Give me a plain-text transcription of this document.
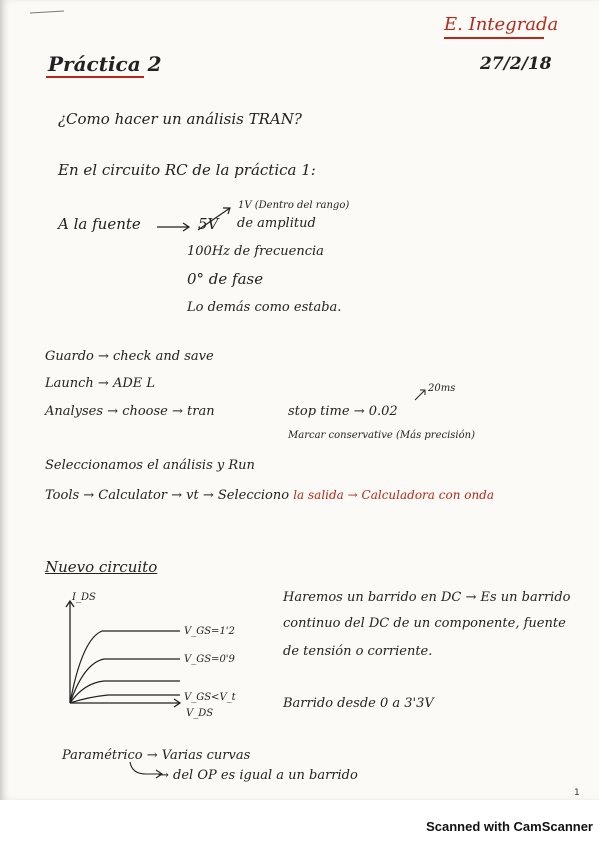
E. Integrada
Práctica 2	27/2/18
¿Como hacer un análisis TRAN?
En el circuito RC de la práctica 1:
A la fuente	5V
1V (Dentro del rango)
de amplitud
100Hz de frecuencia
0° de fase
Lo demás como estaba.
Guardo → check and save
Launch → ADE L
Analyses → choose → tran	stop time → 0.02
20ms
Marcar conservative (Más precisión)
Seleccionamos el análisis y Run
Tools → Calculator → vt → Selecciono la salida → Calculadora con onda
Nuevo circuito
Haremos un barrido en DC → Es un barrido
continuo del DC de un componente, fuente
de tensión o corriente.
Barrido desde 0 a 3'3V
I_DS
V_DS
V_GS=1'2
V_GS=0'9
V_GS<V_t
Paramétrico → Varias curvas
→ del OP es igual a un barrido
1
Scanned with CamScanner
